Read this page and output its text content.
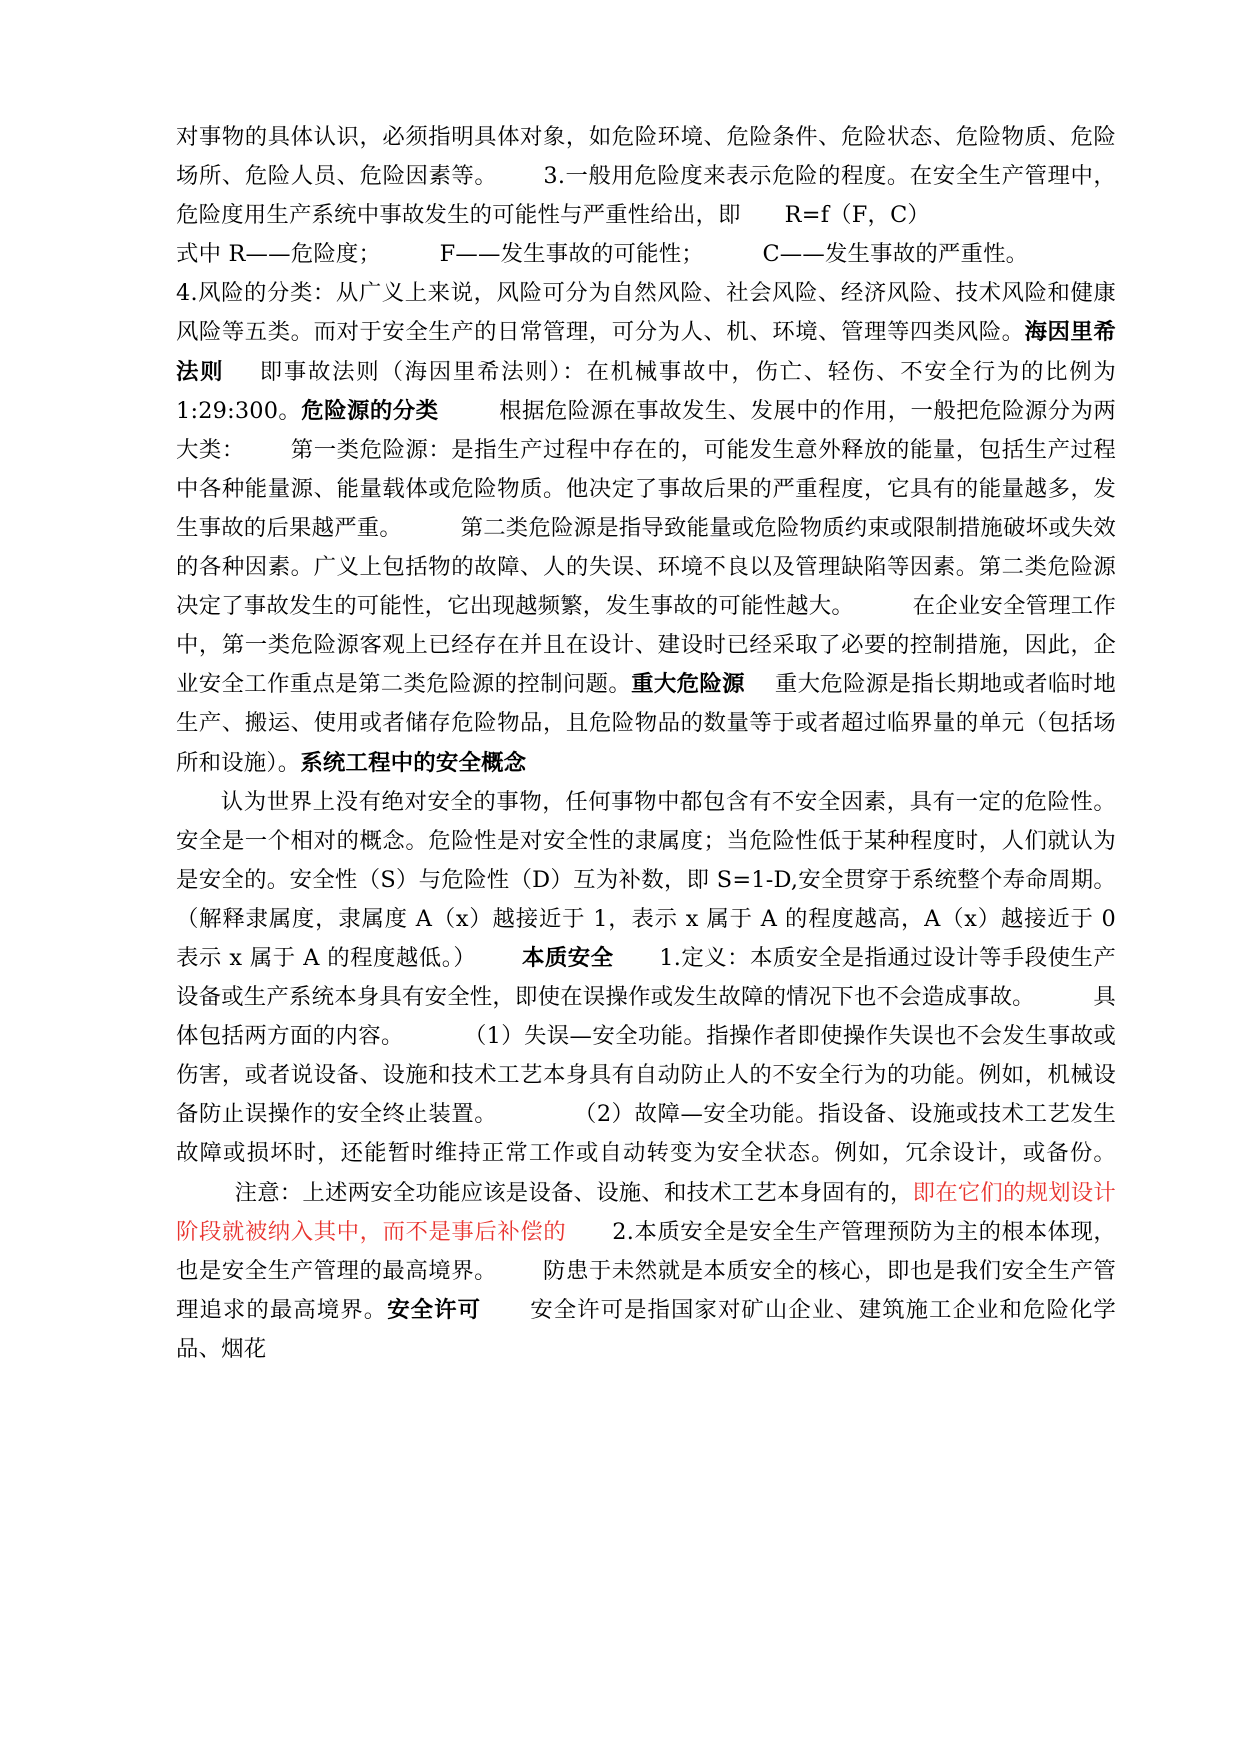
对事物的具体认识，必须指明具体对象，如危险环境、危险条件、危险状态、危险物质、危险场所、危险人员、危险因素等。 3.一般用危险度来表示危险的程度。在安全生产管理中，危险度用生产系统中事故发生的可能性与严重性给出，即 R=f（F，C）
式中 R——危险度；	F——发生事故的可能性；	C——发生事故的严重性。
4.风险的分类：从广义上来说，风险可分为自然风险、社会风险、经济风险、技术风险和健康风险等五类。而对于安全生产的日常管理，可分为人、机、环境、管理等四类风险。海因里希法则 即事故法则（海因里希法则）：在机械事故中，伤亡、轻伤、不安全行为的比例为 1:29:300。危险源的分类	根据危险源在事故发生、发展中的作用，一般把危险源分为两大类： 第一类危险源：是指生产过程中存在的，可能发生意外释放的能量，包括生产过程中各种能量源、能量载体或危险物质。他决定了事故后果的严重程度，它具有的能量越多，发生事故的后果越严重。	第二类危险源是指导致能量或危险物质约束或限制措施破坏或失效的各种因素。广义上包括物的故障、人的失误、环境不良以及管理缺陷等因素。第二类危险源决定了事故发生的可能性，它出现越频繁，发生事故的可能性越大。	在企业安全管理工作中，第一类危险源客观上已经存在并且在设计、建设时已经采取了必要的控制措施，因此，企业安全工作重点是第二类危险源的控制问题。重大危险源 重大危险源是指长期地或者临时地生产、搬运、使用或者储存危险物品，且危险物品的数量等于或者超过临界量的单元（包括场所和设施）。系统工程中的安全概念

认为世界上没有绝对安全的事物，任何事物中都包含有不安全因素，具有一定的危险性。安全是一个相对的概念。危险性是对安全性的隶属度；当危险性低于某种程度时，人们就认为是安全的。安全性（S）与危险性（D）互为补数，即 S=1-D,安全贯穿于系统整个寿命周期。（解释隶属度，隶属度 A（x）越接近于 1，表示 x 属于 A 的程度越高，A（x）越接近于 0 表示 x 属于 A 的程度越低。） 本质安全 1.定义：本质安全是指通过设计等手段使生产设备或生产系统本身具有安全性，即使在误操作或发生故障的情况下也不会造成事故。	具体包括两方面的内容。	（1）失误—安全功能。指操作者即使操作失误也不会发生事故或伤害，或者说设备、设施和技术工艺本身具有自动防止人的不安全行为的功能。例如，机械设备防止误操作的安全终止装置。	（2）故障—安全功能。指设备、设施或技术工艺发生故障或损坏时，还能暂时维持正常工作或自动转变为安全状态。例如，冗余设计，或备份。        注意：上述两安全功能应该是设备、设施、和技术工艺本身固有的，即在它们的规划设计阶段就被纳入其中，而不是事后补偿的 2.本质安全是安全生产管理预防为主的根本体现，也是安全生产管理的最高境界。 防患于未然就是本质安全的核心，即也是我们安全生产管理追求的最高境界。安全许可 安全许可是指国家对矿山企业、建筑施工企业和危险化学品、烟花
